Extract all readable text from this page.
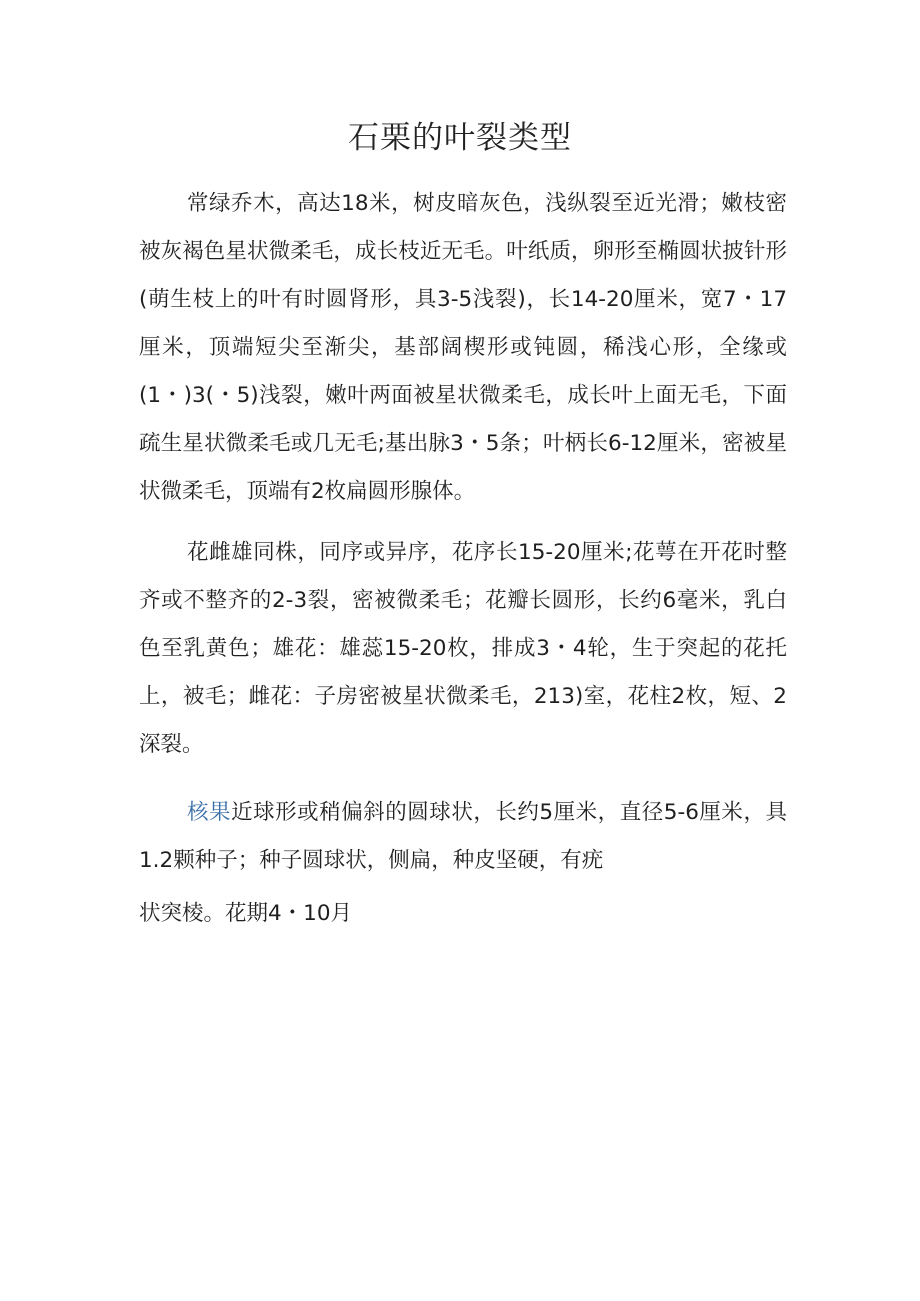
石栗的叶裂类型

常绿乔木，高达18米，树皮暗灰色，浅纵裂至近光滑；嫩枝密被灰褐色星状微柔毛，成长枝近无毛。叶纸质，卵形至椭圆状披针形(萌生枝上的叶有时圆肾形，具3-5浅裂)，长14-20厘米，宽7・17厘米，顶端短尖至渐尖，基部阔楔形或钝圆，稀浅心形，全缘或(1・)3(・5)浅裂，嫩叶两面被星状微柔毛，成长叶上面无毛，下面疏生星状微柔毛或几无毛;基出脉3・5条；叶柄长6-12厘米，密被星状微柔毛，顶端有2枚扁圆形腺体。

花雌雄同株，同序或异序，花序长15-20厘米;花萼在开花时整齐或不整齐的2-3裂，密被微柔毛；花瓣长圆形，长约6毫米，乳白色至乳黄色；雄花：雄蕊15-20枚，排成3・4轮，生于突起的花托上，被毛；雌花：子房密被星状微柔毛，213)室，花柱2枚，短、2深裂。

核果近球形或稍偏斜的圆球状，长约5厘米，直径5-6厘米，具1.2颗种子；种子圆球状，侧扁，种皮坚硬，有疣

状突棱。花期4・10月
